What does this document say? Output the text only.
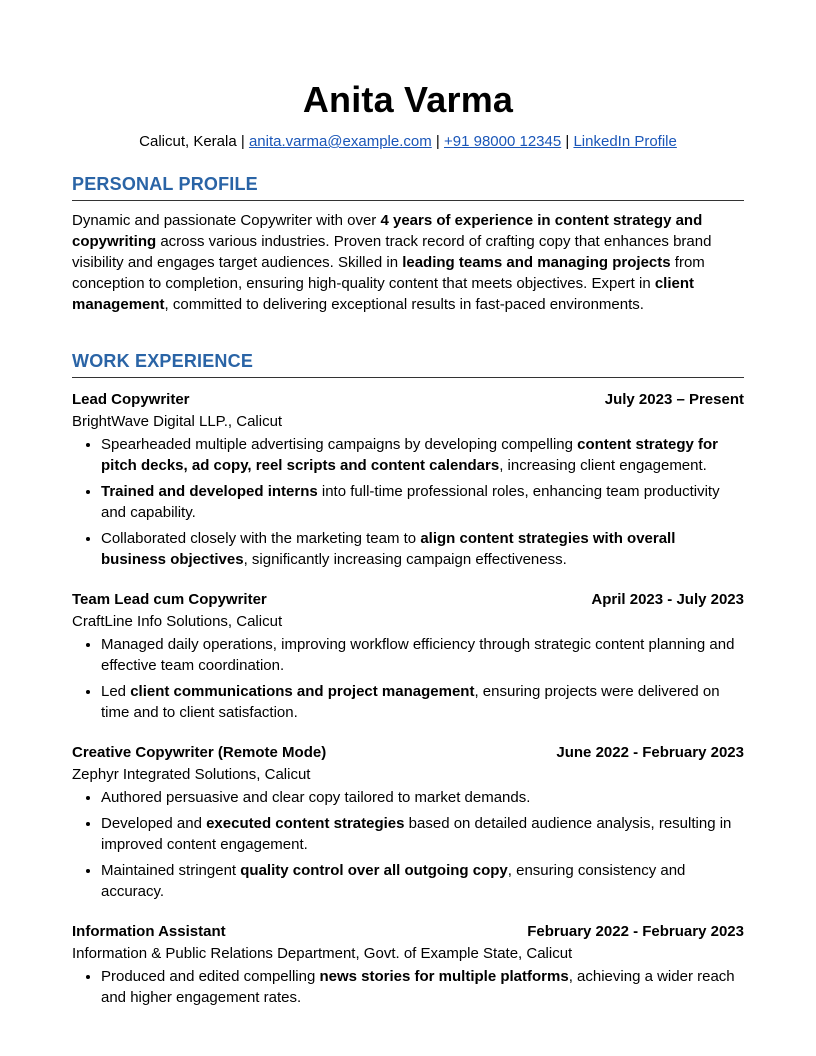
Anita Varma
Calicut, Kerala | anita.varma@example.com | +91 98000 12345 | LinkedIn Profile
PERSONAL PROFILE

Dynamic and passionate Copywriter with over 4 years of experience in content strategy and copywriting across various industries. Proven track record of crafting copy that enhances brand visibility and engages target audiences. Skilled in leading teams and managing projects from conception to completion, ensuring high-quality content that meets objectives. Expert in client management, committed to delivering exceptional results in fast-paced environments.

WORK EXPERIENCE
Lead Copywriter	July 2023 – Present
BrightWave Digital LLP., Calicut
• Spearheaded multiple advertising campaigns by developing compelling content strategy for pitch decks, ad copy, reel scripts and content calendars, increasing client engagement.
• Trained and developed interns into full-time professional roles, enhancing team productivity and capability.
• Collaborated closely with the marketing team to align content strategies with overall business objectives, significantly increasing campaign effectiveness.
Team Lead cum Copywriter	April 2023 - July 2023
CraftLine Info Solutions, Calicut
• Managed daily operations, improving workflow efficiency through strategic content planning and effective team coordination.
• Led client communications and project management, ensuring projects were delivered on time and to client satisfaction.
Creative Copywriter (Remote Mode)	June 2022 - February 2023
Zephyr Integrated Solutions, Calicut
• Authored persuasive and clear copy tailored to market demands.
• Developed and executed content strategies based on detailed audience analysis, resulting in improved content engagement.
• Maintained stringent quality control over all outgoing copy, ensuring consistency and accuracy.
Information Assistant	February 2022 - February 2023
Information & Public Relations Department, Govt. of Example State, Calicut
• Produced and edited compelling news stories for multiple platforms, achieving a wider reach and higher engagement rates.
